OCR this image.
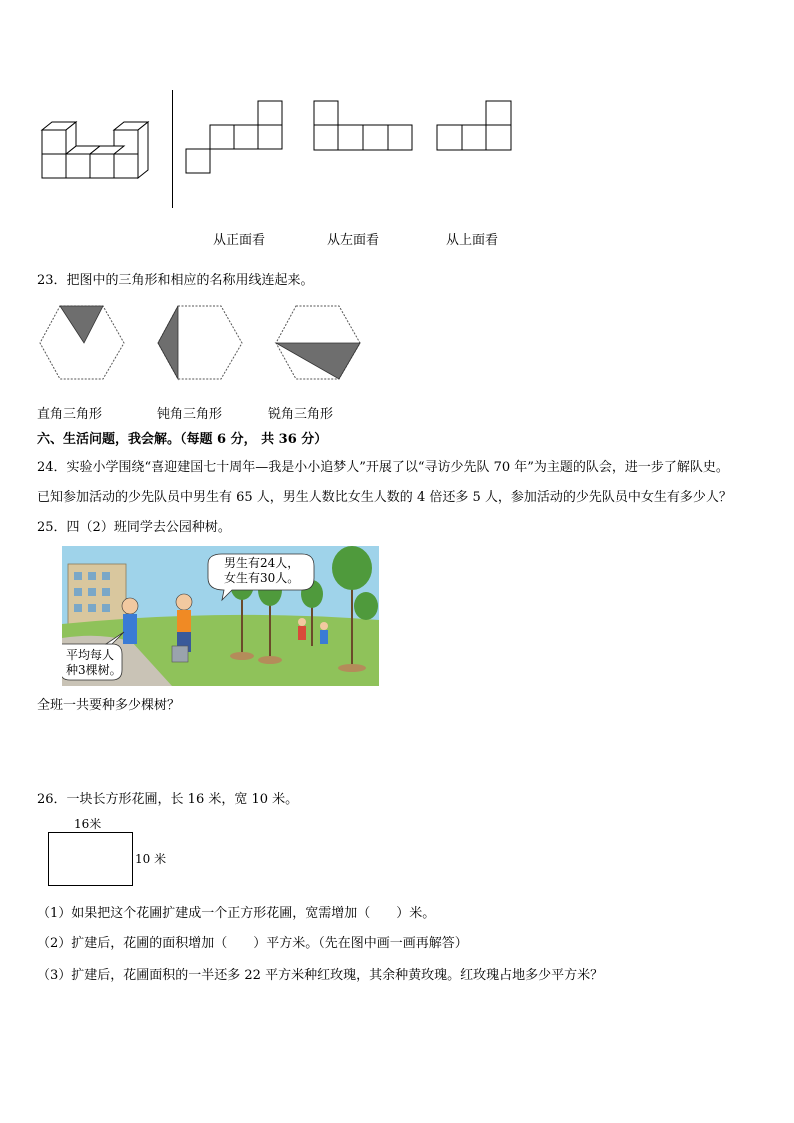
从正面看	从左面看	从上面看
23．把图中的三角形和相应的名称用线连起来。
直角三角形	钝角三角形	锐角三角形
六、生活问题，我会解。（每题 6 分， 共 36 分）
24．实验小学围绕“喜迎建国七十周年—我是小小追梦人”开展了以“寻访少先队 70 年”为主题的队会，进一步了解队史。
已知参加活动的少先队员中男生有 65 人，男生人数比女生人数的 4 倍还多 5 人，参加活动的少先队员中女生有多少人？
25．四（2）班同学去公园种树。
男生有24人，
女生有30人。
平均每人
种3棵树。
全班一共要种多少棵树？
26．一块长方形花圃，长 16 米，宽 10 米。
16米
10 米
（1）如果把这个花圃扩建成一个正方形花圃，宽需增加（　　）米。
（2）扩建后，花圃的面积增加（　　）平方米。（先在图中画一画再解答）
（3）扩建后，花圃面积的一半还多 22 平方米种红玫瑰，其余种黄玫瑰。红玫瑰占地多少平方米？
